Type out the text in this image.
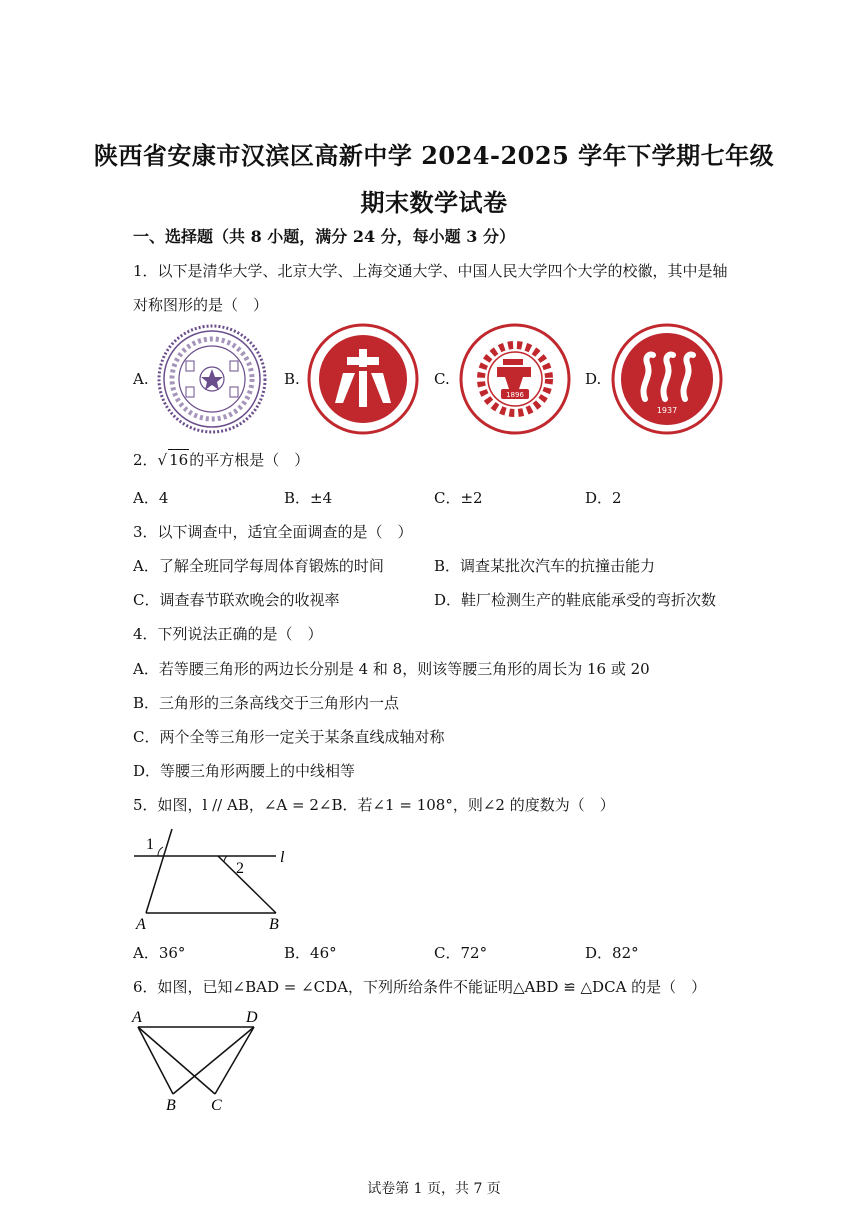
陕西省安康市汉滨区高新中学 2024-2025 学年下学期七年级
期末数学试卷
一、选择题（共 8 小题，满分 24 分，每小题 3 分）
1．以下是清华大学、北京大学、上海交通大学、中国人民大学四个大学的校徽，其中是轴
对称图形的是（　）
A.	B.	C.	D.
1896
1937
2．√ 16的平方根是（　）
A．4	B．±4	C．±2	D．2
3．以下调查中，适宜全面调查的是（　）
A．了解全班同学每周体育锻炼的时间	B．调查某批次汽车的抗撞击能力
C．调查春节联欢晚会的收视率	D．鞋厂检测生产的鞋底能承受的弯折次数
4．下列说法正确的是（　）
A．若等腰三角形的两边长分别是 4 和 8，则该等腰三角形的周长为 16 或 20
B．三角形的三条高线交于三角形内一点
C．两个全等三角形一定关于某条直线成轴对称
D．等腰三角形两腰上的中线相等
5．如图，l // AB，∠A = 2∠B．若∠1 = 108°，则∠2 的度数为（　）
1
2
l
A	B
A．36°	B．46°	C．72°	D．82°
6．如图，已知∠BAD = ∠CDA，下列所给条件不能证明△ABD ≌ △DCA 的是（　）
A	D
B C
试卷第 1 页，共 7 页
